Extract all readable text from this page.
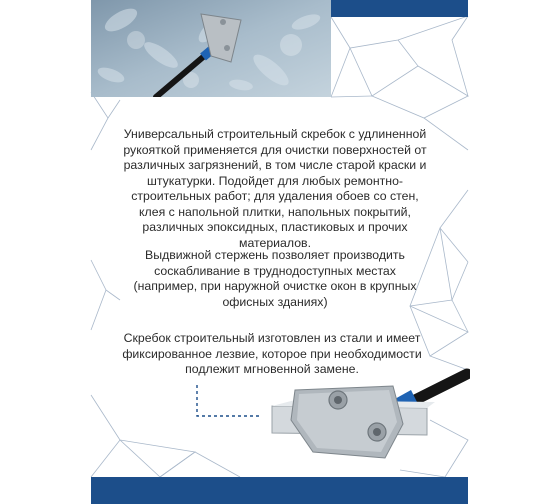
Универсальный строительный скребок с удлиненной рукояткой применяется для очистки поверхностей от различных загрязнений, в том числе старой краски и штукатурки. Подойдет для любых ремонтно-строительных работ; для удаления обоев со стен, клея с напольной плитки, напольных покрытий, различных эпоксидных, пластиковых и прочих материалов.

Выдвижной стержень позволяет производить соскабливание в труднодоступных местах (например, при наружной очистке окон в крупных офисных зданиях)

Скребок строительный изготовлен из стали и имеет фиксированное лезвие, которое при необходимости подлежит мгновенной замене.
